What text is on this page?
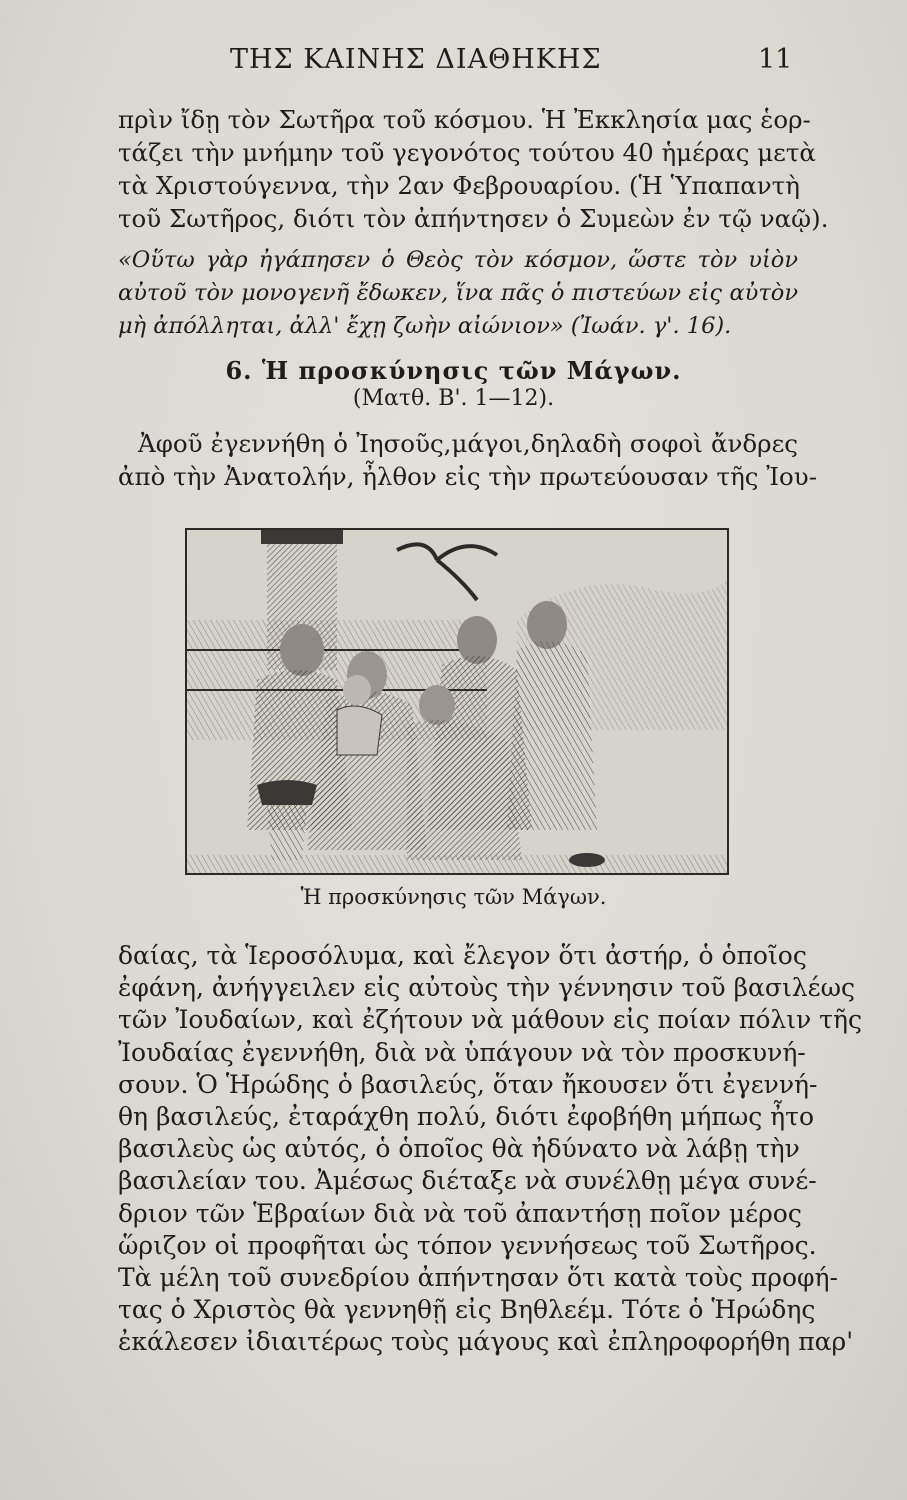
ΤΗΣ ΚΑΙΝΗΣ ΔΙΑΘΗΚΗΣ	11
πρὶν ἴδῃ τὸν Σωτῆρα τοῦ κόσμου. Ἡ Ἐκκλησία μας ἑορ-
τάζει τὴν μνήμην τοῦ γεγονότος τούτου 40 ἡμέρας μετὰ
τὰ Χριστούγεννα, τὴν 2αν Φεβρουαρίου. (Ἡ Ὑπαπαντὴ
τοῦ Σωτῆρος, διότι τὸν ἀπήντησεν ὁ Συμεὼν ἐν τῷ ναῷ).
«Οὕτω γὰρ ἠγάπησεν ὁ Θεὸς τὸν κόσμον, ὥστε τὸν υἱὸν
αὐτοῦ τὸν μονογενῆ ἔδωκεν, ἵνα πᾶς ὁ πιστεύων εἰς αὐτὸν
μὴ ἀπόλληται, ἀλλ' ἔχῃ ζωὴν αἰώνιον» (Ἰωάν. γ'. 16).
6. Ἡ προσκύνησις τῶν Μάγων.
(Ματθ. Β'. 1—12).
Ἀφοῦ ἐγεννήθη ὁ Ἰησοῦς,μάγοι,δηλαδὴ σοφοὶ ἄνδρες
ἀπὸ τὴν Ἀνατολήν, ἦλθον εἰς τὴν πρωτεύουσαν τῆς Ἰου-
Ἡ προσκύνησις τῶν Μάγων.
δαίας, τὰ Ἱεροσόλυμα, καὶ ἔλεγον ὅτι ἀστήρ, ὁ ὁποῖος
ἐφάνη, ἀνήγγειλεν εἰς αὐτοὺς τὴν γέννησιν τοῦ βασιλέως
τῶν Ἰουδαίων, καὶ ἐζήτουν νὰ μάθουν εἰς ποίαν πόλιν τῆς
Ἰουδαίας ἐγεννήθη, διὰ νὰ ὑπάγουν νὰ τὸν προσκυνή-
σουν. Ὁ Ἡρώδης ὁ βασιλεύς, ὅταν ἤκουσεν ὅτι ἐγεννή-
θη βασιλεύς, ἐταράχθη πολύ, διότι ἐφοβήθη μήπως ἦτο
βασιλεὺς ὡς αὐτός, ὁ ὁποῖος θὰ ἠδύνατο νὰ λάβῃ τὴν
βασιλείαν του. Ἀμέσως διέταξε νὰ συνέλθῃ μέγα συνέ-
δριον τῶν Ἑβραίων διὰ νὰ τοῦ ἀπαντήσῃ ποῖον μέρος
ὥριζον οἱ προφῆται ὡς τόπον γεννήσεως τοῦ Σωτῆρος.
Τὰ μέλη τοῦ συνεδρίου ἀπήντησαν ὅτι κατὰ τοὺς προφή-
τας ὁ Χριστὸς θὰ γεννηθῇ εἰς Βηθλεέμ. Τότε ὁ Ἡρώδης
ἐκάλεσεν ἰδιαιτέρως τοὺς μάγους καὶ ἐπληροφορήθη παρ'
